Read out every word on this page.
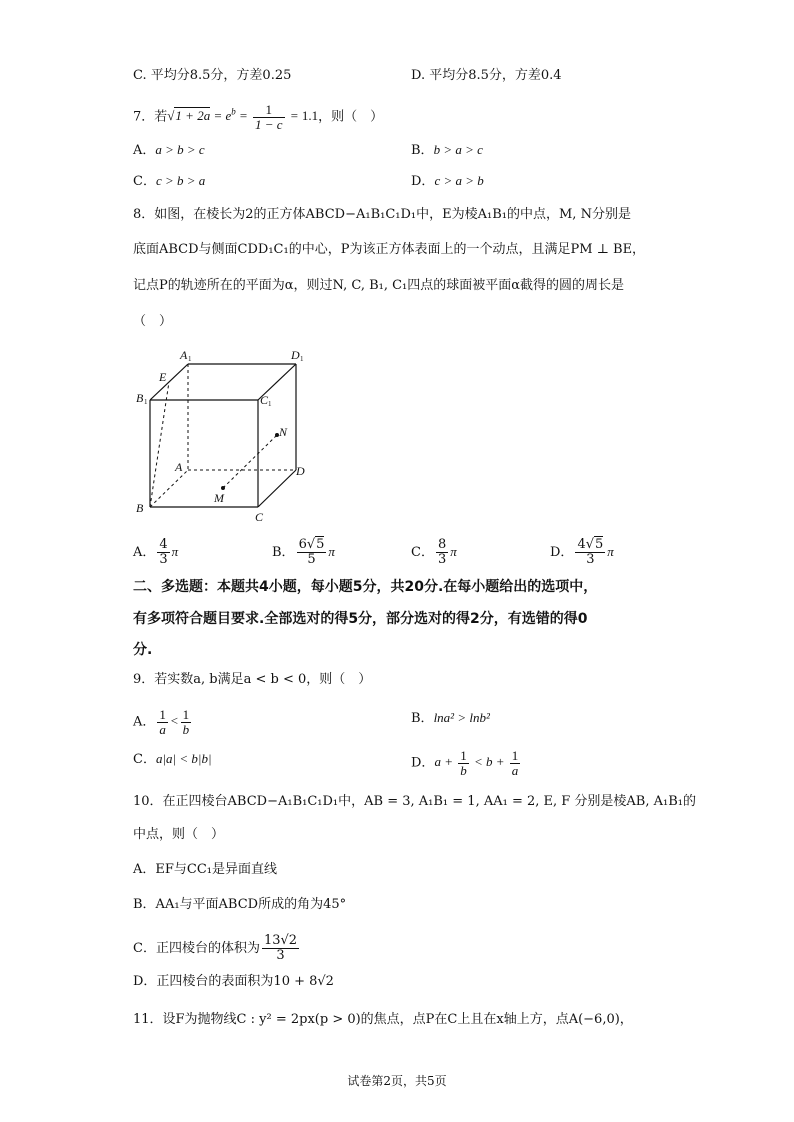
C. 平均分8.5分，方差0.25	D. 平均分8.5分，方差0.4
7．若$√1 + 2a = e^b = \frac{1}{1 - c} = 1.1$，则（　）
A．a > b > c	B．b > a > c
C．c > b > a	D．c > a > b
8．如图，在棱长为2的正方体ABCD−A₁B₁C₁D₁中，E为棱A₁B₁的中点，M, N分别是
底面ABCD与侧面CDD₁C₁的中心，P为该正方体表面上的一个动点，且满足PM ⊥ BE，
记点P的轨迹所在的平面为α，则过N, C, B₁, C₁四点的球面被平面α截得的圆的周长是
（　）
A 1	D 1
E
B 1	C 1
N
A	D
M
B
C
A． $\frac{4}{3}$ π	B． $\frac{6√5}{5}$ π	C． $\frac{8}{3}$ π	D． $\frac{4√5}{3}$ π
二、多选题：本题共4小题，每小题5分，共20分.在每小题给出的选项中，
有多项符合题目要求.全部选对的得5分，部分选对的得2分，有选错的得0
分.
9．若实数a, b满足a < b < 0，则（　）
A． $\frac{1}{a} < \frac{1}{b}$	B．lna² > lnb²
C．a|a| < b|b|	D．$a + \frac{1}{b} < b + \frac{1}{a}$
10．在正四棱台ABCD−A₁B₁C₁D₁中，AB = 3, A₁B₁ = 1, AA₁ = 2, E, F 分别是棱AB, A₁B₁的
中点，则（　）
A．EF与CC₁是异面直线
B．AA₁与平面ABCD所成的角为45°
C．正四棱台的体积为 $\frac{13√2}{3}$
D．正四棱台的表面积为10 + 8√2
11．设F为抛物线C : y² = 2px(p > 0)的焦点，点P在C上且在x轴上方，点A(−6,0)，
试卷第2页，共5页
